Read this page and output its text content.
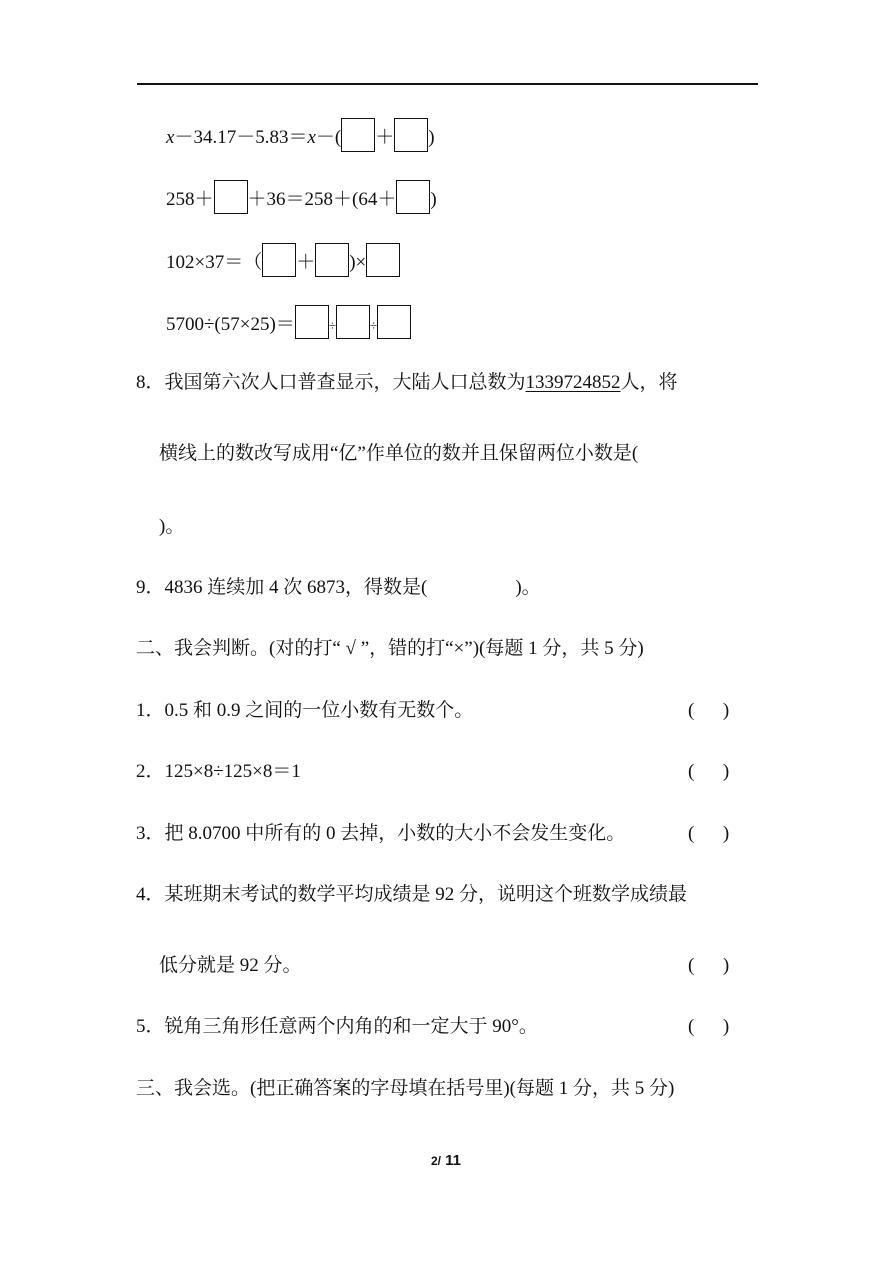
x－34.17－5.83＝x－( ＋ )
258＋ ＋36＝258＋(64＋ )
102×37＝（ ＋ )×
5700÷(57×25)＝	÷	÷
8．我国第六次人口普查显示，大陆人口总数为1339724852人，将
横线上的数改写成用“亿”作单位的数并且保留两位小数是(
)。
9．4836 连续加 4 次 6873，得数是(	)。
二、我会判断。(对的打“ √ ”，错的打“×”)(每题 1 分，共 5 分)
1．0.5 和 0.9 之间的一位小数有无数个。	(      )
2．125×8÷125×8＝1	(      )
3．把 8.0700 中所有的 0 去掉，小数的大小不会发生变化。	(      )
4．某班期末考试的数学平均成绩是 92 分，说明这个班数学成绩最
低分就是 92 分。	(      )
5．锐角三角形任意两个内角的和一定大于 90°。	(      )
三、我会选。(把正确答案的字母填在括号里)(每题 1 分，共 5 分)
2/ 11
